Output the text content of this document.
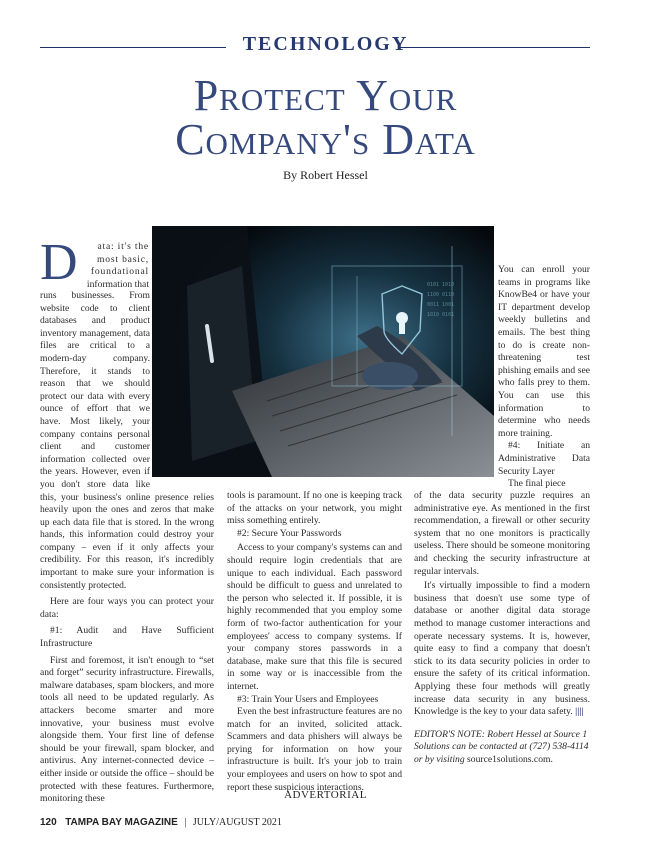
TECHNOLOGY
Protect Your
Company's Data
By Robert Hessel
0101 1010
1100 0110
0011 1001
1010 0101
D	ata: it's the
most basic,
foundational
information that

runs businesses. From website code to client databases and product inventory management, data files are critical to a modern-day company. Therefore, it stands to reason that we should protect our data with every ounce of effort that we have. Most likely, your company contains personal client and customer information collected over the years. However, even if you don't store data like this, your business's online presence relies heavily upon the ones and zeros that make up each data file that is stored. In the wrong hands, this information could destroy your company – even if it only affects your credibility. For this reason, it's incredibly important to make sure your information is consistently protected.

Here are four ways you can protect your data:

#1: Audit and Have Sufficient Infrastructure

First and foremost, it isn't enough to “set and forget” security infrastructure. Firewalls, malware databases, spam blockers, and more tools all need to be updated regularly. As attackers become smarter and more innovative, your business must evolve alongside them. Your first line of defense should be your firewall, spam blocker, and antivirus. Any internet-connected device – either inside or outside the office – should be protected with these features. Furthermore, monitoring these

tools is paramount. If no one is keeping track of the attacks on your network, you might miss something entirely.

#2: Secure Your Passwords

Access to your company's systems can and should require login credentials that are unique to each individual. Each password should be difficult to guess and unrelated to the person who selected it. If possible, it is highly recommended that you employ some form of two-factor authentication for your employees' access to company systems. If your company stores passwords in a database, make sure that this file is secured in some way or is inaccessible from the internet.

#3: Train Your Users and Employees

Even the best infrastructure features are no match for an invited, solicited attack. Scammers and data phishers will always be prying for information on how your infrastructure is built. It's your job to train your employees and users on how to spot and report these suspicious interactions.

You can enroll your teams in programs like KnowBe4 or have your IT department develop weekly bulletins and emails. The best thing to do is create non-threatening test phishing emails and see who falls prey to them. You can use this information to determine who needs more training.

#4: Initiate an Administrative Data Security Layer

The final piece

of the data security puzzle requires an administrative eye. As mentioned in the first recommendation, a firewall or other security system that no one monitors is practically useless. There should be someone monitoring and checking the security infrastructure at regular intervals.

It's virtually impossible to find a modern business that doesn't use some type of database or another digital data storage method to manage customer interactions and operate necessary systems. It is, however, quite easy to find a company that doesn't stick to its data security policies in order to ensure the safety of its critical information. Applying these four methods will greatly increase data security in any business. Knowledge is the key to your data safety. ||||

EDITOR'S NOTE: Robert Hessel at Source 1 Solutions can be contacted at (727) 538-4114 or by visiting source1solutions.com.

ADVERTORIAL
120 TAMPA BAY MAGAZINE | JULY/AUGUST 2021
